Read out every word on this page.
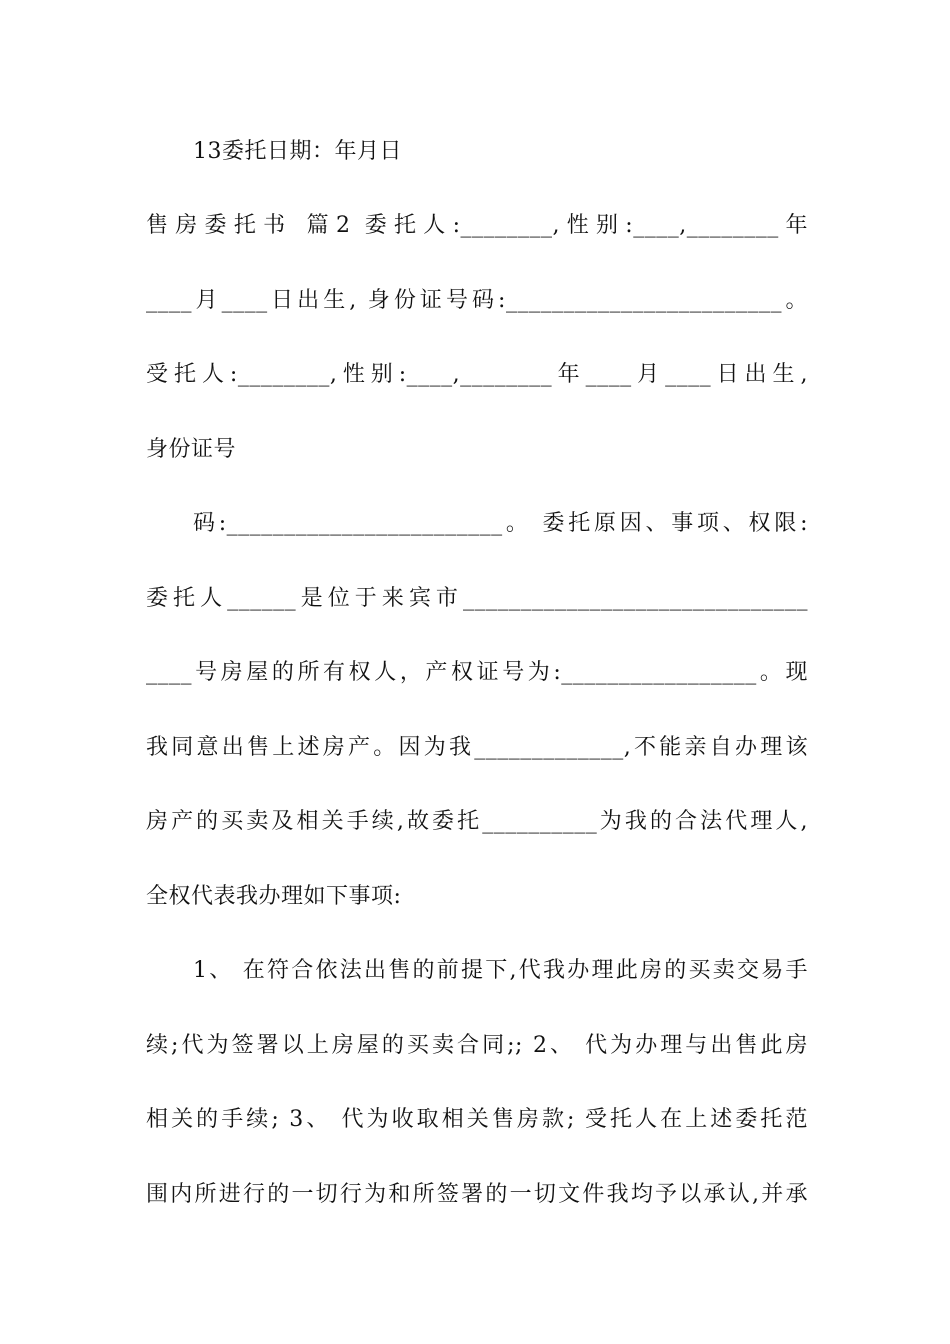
13委托日期：年月日
售房委托书 篇2 委托人:________,性别:____,________年
____月____日出生, 身份证号码:________________________。
受托人:________,性别:____,________年____月____日出生,
身份证号
码:________________________。 委托原因、事项、权限:
委托人______是位于来宾市______________________________
____号房屋的所有权人，产权证号为:_________________。现
我同意出售上述房产。因为我_____________,不能亲自办理该
房产的买卖及相关手续,故委托__________为我的合法代理人,
全权代表我办理如下事项:
1、 在符合依法出售的前提下,代我办理此房的买卖交易手
续;代为签署以上房屋的买卖合同;; 2、 代为办理与出售此房
相关的手续; 3、 代为收取相关售房款; 受托人在上述委托范
围内所进行的一切行为和所签署的一切文件我均予以承认,并承
